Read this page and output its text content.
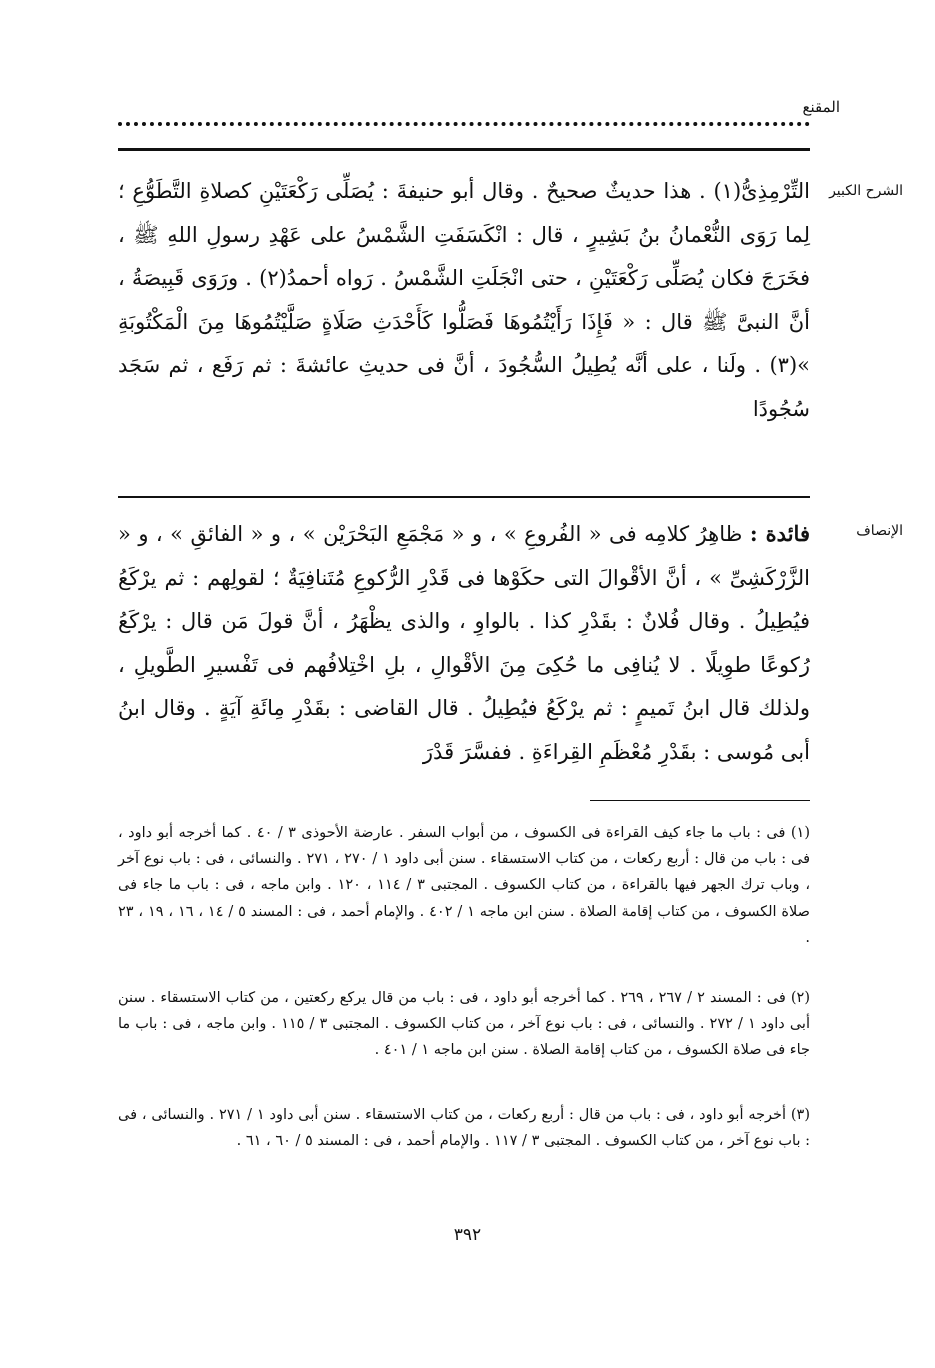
المقنع
الشرح الكبير
التِّرْمِذِىُّ(١) . هذا حديثٌ صحيحٌ . وقال أبو حنيفةَ : يُصَلِّى رَكْعَتَيْنِ كصلاةِ التَّطَوُّعِ ؛ لِما رَوَى النُّعْمانُ بنُ بَشِيرٍ ، قال : انْكَسَفَتِ الشَّمْسُ على عَهْدِ رسولِ اللهِ ﷺ ، فخَرَجَ فكان يُصَلِّى رَكْعَتَيْنِ ، حتى انْجَلَتِ الشَّمْسُ . رَواه أحمدُ(٢) . ورَوَى قَبِيصَةُ ، أنَّ النبىَّ ﷺ قال : « فَإِذَا رَأَيْتُمُوهَا فَصَلُّوا كَأَحْدَثِ صَلَاةٍ صَلَّيْتُمُوهَا مِنَ الْمَكْتُوبَةِ »(٣) . ولَنا ، على أنَّه يُطِيلُ السُّجُودَ ، أنَّ فى حديثِ عائشةَ : ثم رَفَع ، ثم سَجَد سُجُودًا
الإنصاف
فائدة : ظاهِرُ كلامِه فى « الفُروعِ » ، و « مَجْمَعِ البَحْرَيْن » ، و « الفائقِ » ، و « الزَّرْكَشِىِّ » ، أنَّ الأقْوالَ التى حكَوْها فى قَدْرِ الرُّكوعِ مُتَنافِيَةٌ ؛ لقولِهم : ثم يرْكَعُ فيُطِيلُ . وقال فُلانٌ : بقَدْرِ كذا . بالواوِ ، والذى يظْهَرُ ، أنَّ قولَ مَن قال : يرْكَعُ رُكوعًا طوِيلًا . لا يُنافِى ما حُكِىَ مِنَ الأقْوالِ ، بلِ اخْتِلافُهم فى تَفْسيرِ الطَّويلِ ، ولذلك قال ابنُ تَميمٍ : ثم يرْكَعُ فيُطِيلُ . قال القاضى : بقَدْرِ مِائَةِ آيَةٍ . وقال ابنُ أبى مُوسى : بقَدْرِ مُعْظَمِ القِراءَةِ . ففسَّرَ قَدْرَ
(١) فى : باب ما جاء كيف القراءة فى الكسوف ، من أبواب السفر . عارضة الأحوذى ٣ / ٤٠ . كما أخرجه أبو داود ، فى : باب من قال : أربع ركعات ، من كتاب الاستسقاء . سنن أبى داود ١ / ٢٧٠ ، ٢٧١ . والنسائى ، فى : باب نوع آخر ، وباب ترك الجهر فيها بالقراءة ، من كتاب الكسوف . المجتبى ٣ / ١١٤ ، ١٢٠ . وابن ماجه ، فى : باب ما جاء فى صلاة الكسوف ، من كتاب إقامة الصلاة . سنن ابن ماجه ١ / ٤٠٢ . والإمام أحمد ، فى : المسند ٥ / ١٤ ، ١٦ ، ١٩ ، ٢٣ .
(٢) فى : المسند ٢ / ٢٦٧ ، ٢٦٩ . كما أخرجه أبو داود ، فى : باب من قال يركع ركعتين ، من كتاب الاستسقاء . سنن أبى داود ١ / ٢٧٢ . والنسائى ، فى : باب نوع آخر ، من كتاب الكسوف . المجتبى ٣ / ١١٥ . وابن ماجه ، فى : باب ما جاء فى صلاة الكسوف ، من كتاب إقامة الصلاة . سنن ابن ماجه ١ / ٤٠١ .
(٣) أخرجه أبو داود ، فى : باب من قال : أربع ركعات ، من كتاب الاستسقاء . سنن أبى داود ١ / ٢٧١ . والنسائى ، فى : باب نوع آخر ، من كتاب الكسوف . المجتبى ٣ / ١١٧ . والإمام أحمد ، فى : المسند ٥ / ٦٠ ، ٦١ .
٣٩٢
